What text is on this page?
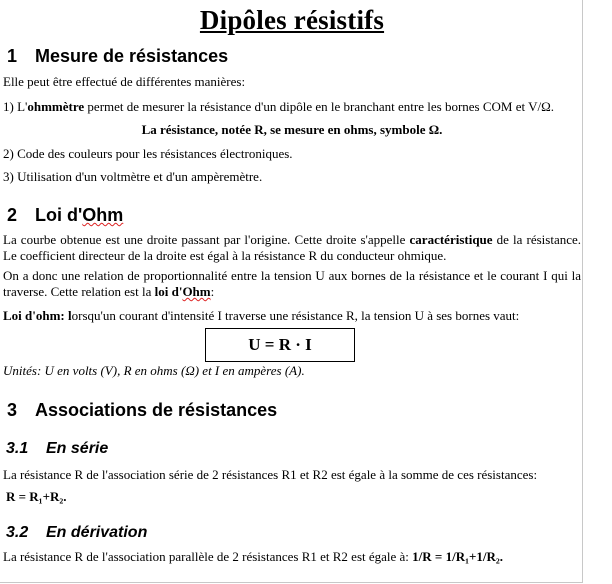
Dipôles résistifs
1 Mesure de résistances

Elle peut être effectué de différentes manières:

1) L'ohmmètre permet de mesurer la résistance d'un dipôle en le branchant entre les bornes COM et V/Ω.

La résistance, notée R, se mesure en ohms, symbole Ω.

2) Code des couleurs pour les résistances électroniques.

3) Utilisation d'un voltmètre et d'un ampèremètre.

2 Loi d'Ohm

La courbe obtenue est une droite passant par l'origine. Cette droite s'appelle caractéristique de la résistance. Le coefficient directeur de la droite est égal à la résistance R du conducteur ohmique.

On a donc une relation de proportionnalité entre la tension U aux bornes de la résistance et le courant I qui la traverse. Cette relation est la loi d'Ohm:

Loi d'ohm: lorsqu'un courant d'intensité I traverse une résistance R, la tension U à ses bornes vaut:

U = R · I

Unités: U en volts (V), R en ohms (Ω) et I en ampères (A).

3 Associations de résistances
3.1	En série

La résistance R de l'association série de 2 résistances R1 et R2 est égale à la somme de ces résistances:

R = R₁+R₂.

3.2	En dérivation

La résistance R de l'association parallèle de 2 résistances R1 et R2 est égale à: 1/R = 1/R₁+1/R₂.
